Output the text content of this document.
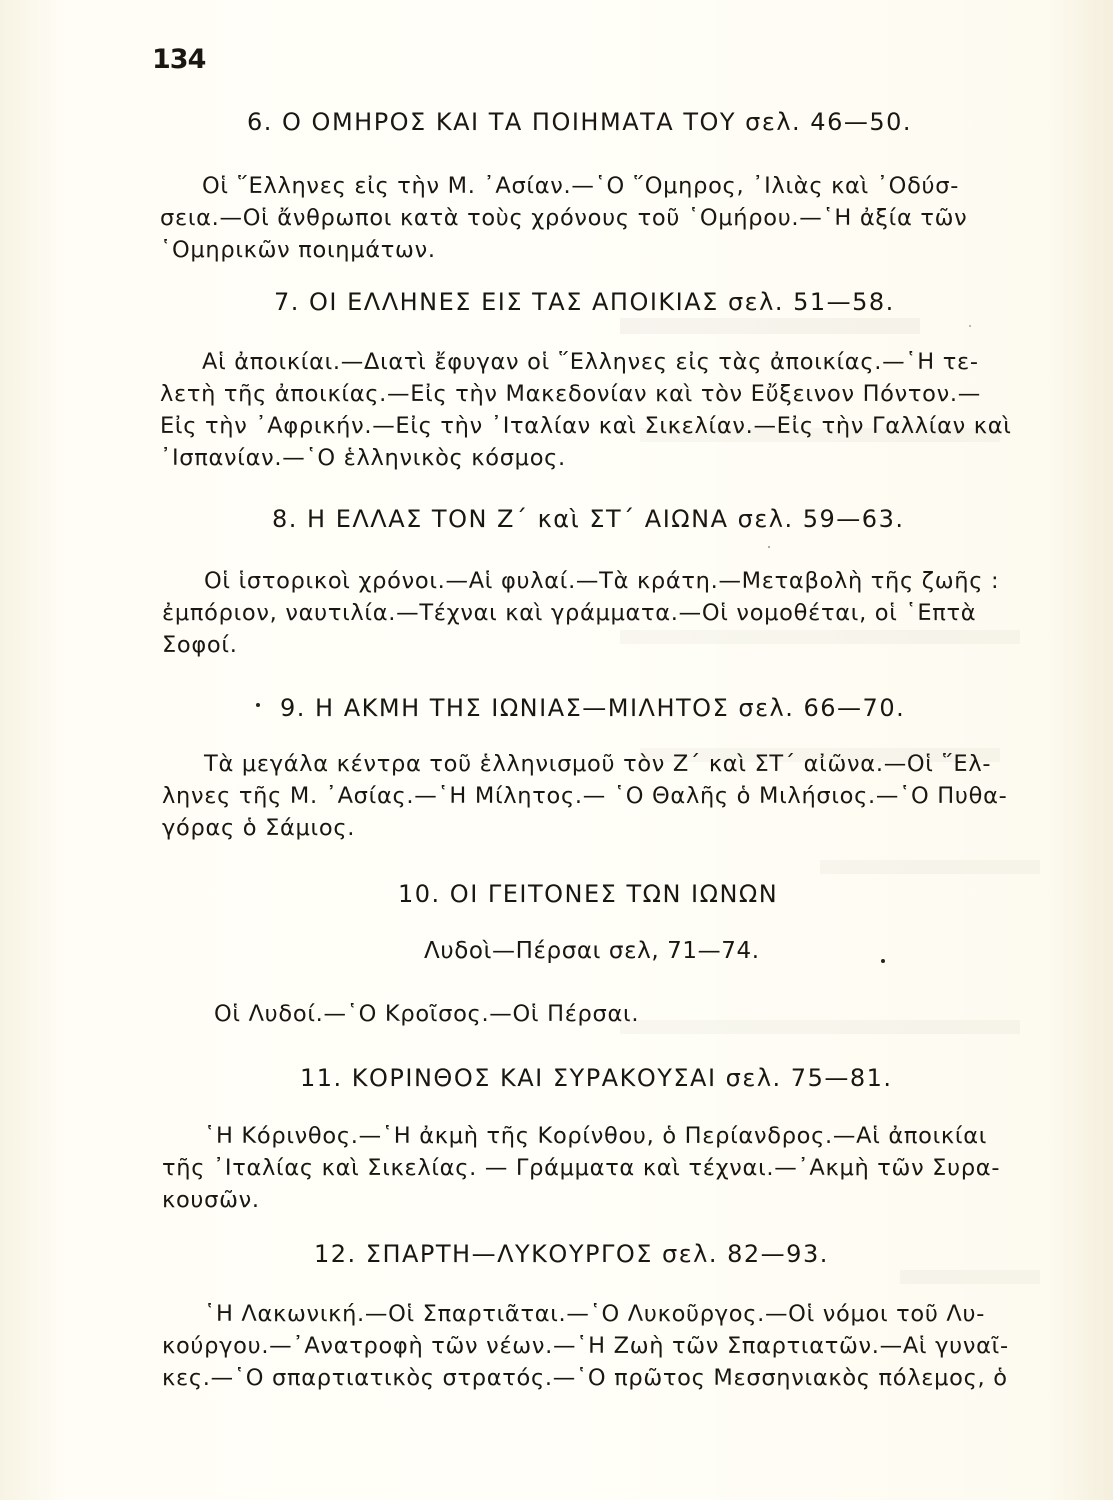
134
6. Ο ΟΜΗΡΟΣ ΚΑΙ ΤΑ ΠΟΙΗΜΑΤΑ ΤΟΥ σελ. 46—50.
Οἱ ῞Ελληνες εἰς τὴν Μ. ᾿Ασίαν.—῾Ο ῞Ομηρος, ᾿Ιλιὰς καὶ ᾿Οδύσ-
σεια.—Οἱ ἄνθρωποι κατὰ τοὺς χρόνους τοῦ ῾Ομήρου.—῾Η ἀξία τῶν
῾Ομηρικῶν ποιημάτων.
7. ΟΙ ΕΛΛΗΝΕΣ ΕΙΣ ΤΑΣ ΑΠΟΙΚΙΑΣ σελ. 51—58.
Αἱ ἀποικίαι.—Διατὶ ἔφυγαν οἱ ῞Ελληνες εἰς τὰς ἀποικίας.—῾Η τε-
λετὴ τῆς ἀποικίας.—Εἰς τὴν Μακεδονίαν καὶ τὸν Εὔξεινον Πόντον.—
Εἰς τὴν ᾿Αφρικήν.—Εἰς τὴν ᾿Ιταλίαν καὶ Σικελίαν.—Εἰς τὴν Γαλλίαν καὶ
᾿Ισπανίαν.—῾Ο ἑλληνικὸς κόσμος.
8. Η ΕΛΛΑΣ ΤΟΝ Ζ΄ καὶ ΣΤ΄ ΑΙΩΝΑ σελ. 59—63.
Οἱ ἱστορικοὶ χρόνοι.—Αἱ φυλαί.—Τὰ κράτη.—Μεταβολὴ τῆς ζωῆς :
ἐμπόριον, ναυτιλία.—Τέχναι καὶ γράμματα.—Οἱ νομοθέται, οἱ ῾Επτὰ
Σοφοί.
9. Η ΑΚΜΗ ΤΗΣ ΙΩΝΙΑΣ—ΜΙΛΗΤΟΣ σελ. 66—70.
Τὰ μεγάλα κέντρα τοῦ ἑλληνισμοῦ τὸν Ζ΄ καὶ ΣΤ΄ αἰῶνα.—Οἱ ῞Ελ-
ληνες τῆς Μ. ᾿Ασίας.—῾Η Μίλητος.— ῾Ο Θαλῆς ὁ Μιλήσιος.—῾Ο Πυθα-
γόρας ὁ Σάμιος.
10. ΟΙ ΓΕΙΤΟΝΕΣ ΤΩΝ ΙΩΝΩΝ
Λυδοὶ—Πέρσαι σελ, 71—74.
Οἱ Λυδοί.—῾Ο Κροῖσος.—Οἱ Πέρσαι.
11. ΚΟΡΙΝΘΟΣ ΚΑΙ ΣΥΡΑΚΟΥΣΑΙ σελ. 75—81.
῾Η Κόρινθος.—῾Η ἀκμὴ τῆς Κορίνθου, ὁ Περίανδρος.—Αἱ ἀποικίαι
τῆς ᾿Ιταλίας καὶ Σικελίας. — Γράμματα καὶ τέχναι.—᾿Ακμὴ τῶν Συρα-
κουσῶν.
12. ΣΠΑΡΤΗ—ΛΥΚΟΥΡΓΟΣ σελ. 82—93.
῾Η Λακωνική.—Οἱ Σπαρτιᾶται.—῾Ο Λυκοῦργος.—Οἱ νόμοι τοῦ Λυ-
κούργου.—᾿Ανατροφὴ τῶν νέων.—῾Η Ζωὴ τῶν Σπαρτιατῶν.—Αἱ γυναῖ-
κες.—῾Ο σπαρτιατικὸς στρατός.—῾Ο πρῶτος Μεσσηνιακὸς πόλεμος, ὁ
